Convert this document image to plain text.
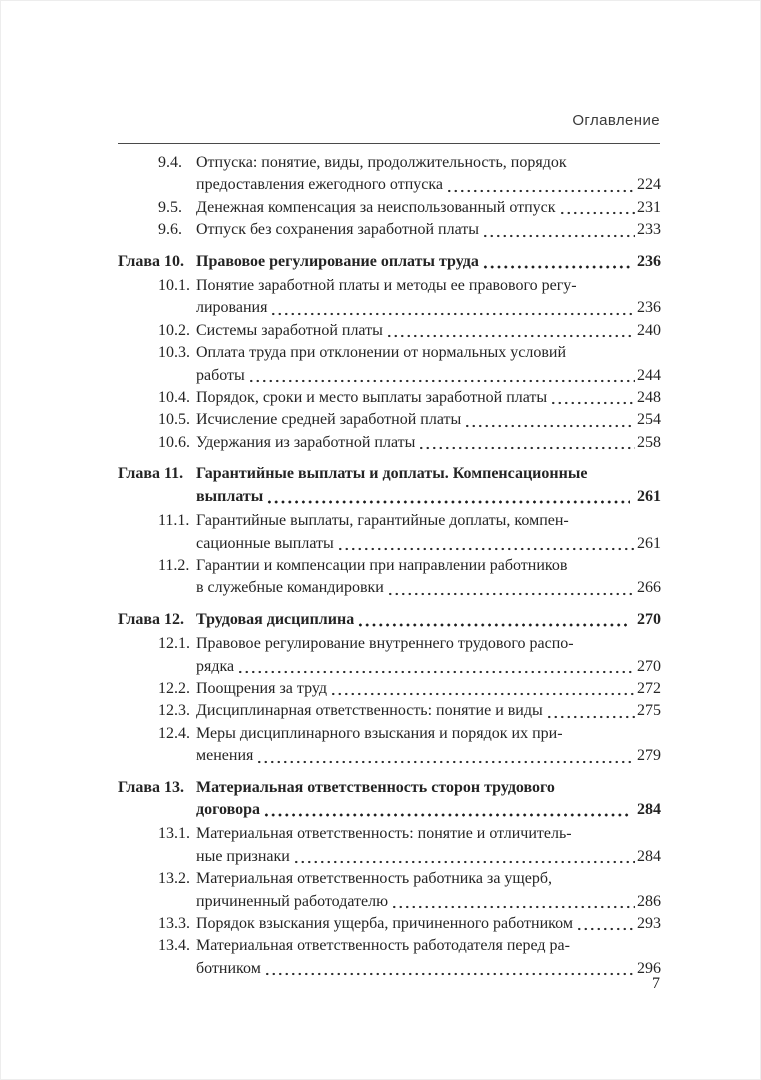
Оглавление
9.4. Отпуска: понятие, виды, продолжительность, порядок
предоставления ежегодного отпуска	224
9.5. Денежная компенсация за неиспользованный отпуск	231
9.6. Отпуск без сохранения заработной платы	233
Глава 10. Правовое регулирование оплаты труда	236
10.1. Понятие заработной платы и методы ее правового регу-
лирования	236
10.2. Системы заработной платы	240
10.3. Оплата труда при отклонении от нормальных условий
работы	244
10.4. Порядок, сроки и место выплаты заработной платы	248
10.5. Исчисление средней заработной платы	254
10.6. Удержания из заработной платы	258
Глава 11. Гарантийные выплаты и доплаты. Компенсационные
выплаты	261
11.1. Гарантийные выплаты, гарантийные доплаты, компен-
сационные выплаты	261
11.2. Гарантии и компенсации при направлении работников
в служебные командировки	266
Глава 12. Трудовая дисциплина	270
12.1. Правовое регулирование внутреннего трудового распо-
рядка	270
12.2. Поощрения за труд	272
12.3. Дисциплинарная ответственность: понятие и виды	275
12.4. Меры дисциплинарного взыскания и порядок их при-
менения	279
Глава 13. Материальная ответственность сторон трудового
договора	284
13.1. Материальная ответственность: понятие и отличитель-
ные признаки	284
13.2. Материальная ответственность работника за ущерб,
причиненный работодателю	286
13.3. Порядок взыскания ущерба, причиненного работником	293
13.4. Материальная ответственность работодателя перед ра-
ботником	296
7
